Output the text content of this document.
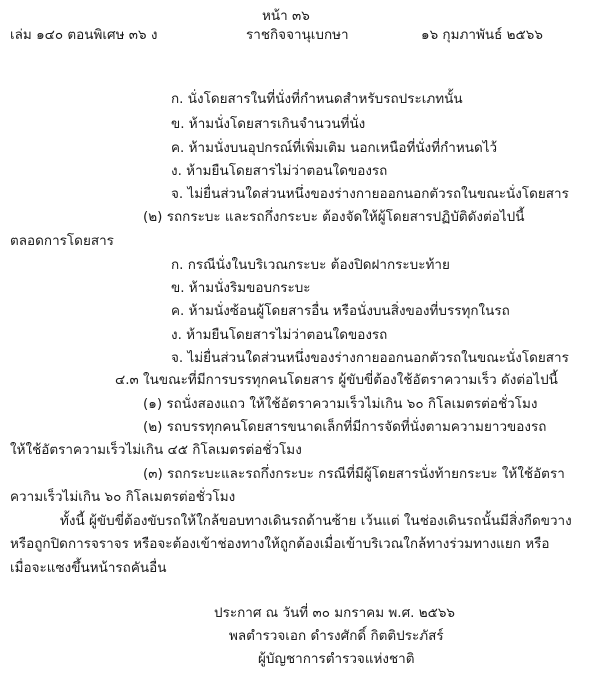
หน้า ๓๖
เล่ม ๑๔๐ ตอนพิเศษ ๓๖ ง	ราชกิจจานุเบกษา	๑๖ กุมภาพันธ์ ๒๕๖๖
ก. นั่งโดยสารในที่นั่งที่กำหนดสำหรับรถประเภทนั้น
ข. ห้ามนั่งโดยสารเกินจำนวนที่นั่ง
ค. ห้ามนั่งบนอุปกรณ์ที่เพิ่มเติม นอกเหนือที่นั่งที่กำหนดไว้
ง. ห้ามยืนโดยสารไม่ว่าตอนใดของรถ
จ. ไม่ยื่นส่วนใดส่วนหนึ่งของร่างกายออกนอกตัวรถในขณะนั่งโดยสาร
(๒) รถกระบะ และรถกึ่งกระบะ ต้องจัดให้ผู้โดยสารปฏิบัติดังต่อไปนี้
ตลอดการโดยสาร
ก. กรณีนั่งในบริเวณกระบะ ต้องปิดฝากระบะท้าย
ข. ห้ามนั่งริมขอบกระบะ
ค. ห้ามนั่งซ้อนผู้โดยสารอื่น หรือนั่งบนสิ่งของที่บรรทุกในรถ
ง. ห้ามยืนโดยสารไม่ว่าตอนใดของรถ
จ. ไม่ยื่นส่วนใดส่วนหนึ่งของร่างกายออกนอกตัวรถในขณะนั่งโดยสาร
๔.๓ ในขณะที่มีการบรรทุกคนโดยสาร ผู้ขับขี่ต้องใช้อัตราความเร็ว ดังต่อไปนี้
(๑) รถนั่งสองแถว ให้ใช้อัตราความเร็วไม่เกิน ๖๐ กิโลเมตรต่อชั่วโมง
(๒) รถบรรทุกคนโดยสารขนาดเล็กที่มีการจัดที่นั่งตามความยาวของรถ
ให้ใช้อัตราความเร็วไม่เกิน ๔๕ กิโลเมตรต่อชั่วโมง
(๓) รถกระบะและรถกึ่งกระบะ กรณีที่มีผู้โดยสารนั่งท้ายกระบะ ให้ใช้อัตรา
ความเร็วไม่เกิน ๖๐ กิโลเมตรต่อชั่วโมง
ทั้งนี้ ผู้ขับขี่ต้องขับรถให้ใกล้ขอบทางเดินรถด้านซ้าย เว้นแต่ ในช่องเดินรถนั้นมีสิ่งกีดขวาง
หรือถูกปิดการจราจร หรือจะต้องเข้าช่องทางให้ถูกต้องเมื่อเข้าบริเวณใกล้ทางร่วมทางแยก หรือ
เมื่อจะแซงขึ้นหน้ารถคันอื่น
ประกาศ ณ วันที่ ๓๐ มกราคม พ.ศ. ๒๕๖๖
พลตำรวจเอก ดำรงศักดิ์ กิตติประภัสร์
ผู้บัญชาการตำรวจแห่งชาติ
